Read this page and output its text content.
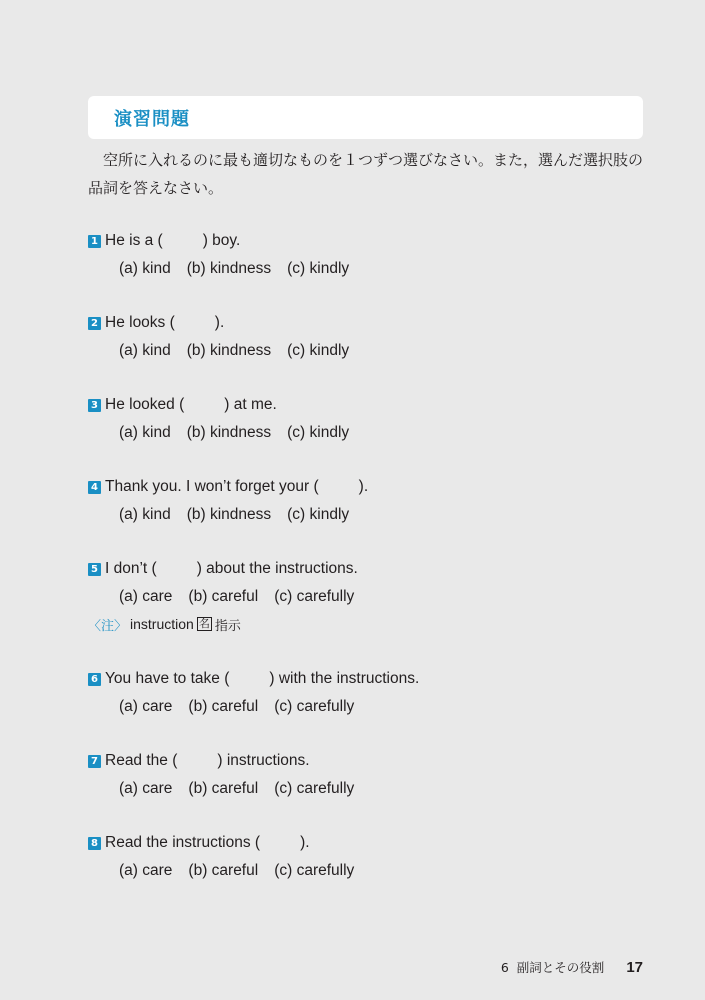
演習問題
空所に入れるのに最も適切なものを１つずつ選びなさい。また，選んだ選択肢の品詞を答えなさい。
1 He is a (	) boy.
(a) kind (b) kindness (c) kindly
2 He looks (	).
(a) kind (b) kindness (c) kindly
3 He looked (	) at me.
(a) kind (b) kindness (c) kindly
4 Thank you. I won’t forget your (	).
(a) kind (b) kindness (c) kindly
5 I don’t (	) about the instructions.
(a) care (b) careful (c) carefully
〈注〉 instruction 名 指示
6 You have to take (	) with the instructions.
(a) care (b) careful (c) carefully
7 Read the (	) instructions.
(a) care (b) careful (c) carefully
8 Read the instructions (	).
(a) care (b) careful (c) carefully
6 副詞とその役割 17
